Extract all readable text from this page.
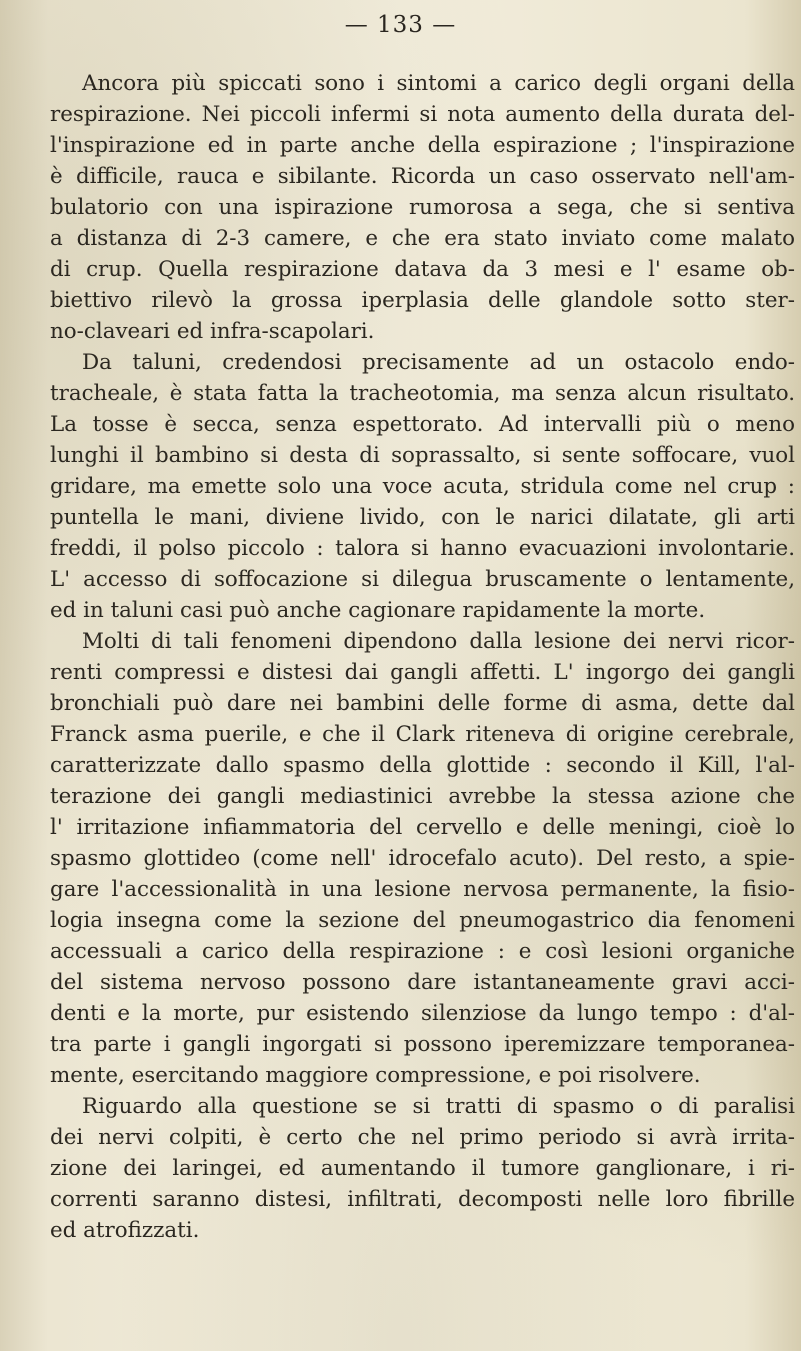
— 133 —
Ancora più spiccati sono i sintomi a carico degli organi della
respirazione. Nei piccoli infermi si nota aumento della durata del-
l'inspirazione ed in parte anche della espirazione ; l'inspirazione
è difficile, rauca e sibilante. Ricorda un caso osservato nell'am-
bulatorio con una ispirazione rumorosa a sega, che si sentiva
a distanza di 2-3 camere, e che era stato inviato come malato
di crup. Quella respirazione datava da 3 mesi e l' esame ob-
biettivo rilevò la grossa iperplasia delle glandole sotto ster-
no-claveari ed infra-scapolari.
Da taluni, credendosi precisamente ad un ostacolo endo-
tracheale, è stata fatta la tracheotomia, ma senza alcun risultato.
La tosse è secca, senza espettorato. Ad intervalli più o meno
lunghi il bambino si desta di soprassalto, si sente soffocare, vuol
gridare, ma emette solo una voce acuta, stridula come nel crup :
puntella le mani, diviene livido, con le narici dilatate, gli arti
freddi, il polso piccolo : talora si hanno evacuazioni involontarie.
L' accesso di soffocazione si dilegua bruscamente o lentamente,
ed in taluni casi può anche cagionare rapidamente la morte.
Molti di tali fenomeni dipendono dalla lesione dei nervi ricor-
renti compressi e distesi dai gangli affetti. L' ingorgo dei gangli
bronchiali può dare nei bambini delle forme di asma, dette dal
Franck asma puerile, e che il Clark riteneva di origine cerebrale,
caratterizzate dallo spasmo della glottide : secondo il Kill, l'al-
terazione dei gangli mediastinici avrebbe la stessa azione che
l' irritazione infiammatoria del cervello e delle meningi, cioè lo
spasmo glottideo (come nell' idrocefalo acuto). Del resto, a spie-
gare l'accessionalità in una lesione nervosa permanente, la fisio-
logia insegna come la sezione del pneumogastrico dia fenomeni
accessuali a carico della respirazione : e così lesioni organiche
del sistema nervoso possono dare istantaneamente gravi acci-
denti e la morte, pur esistendo silenziose da lungo tempo : d'al-
tra parte i gangli ingorgati si possono iperemizzare temporanea-
mente, esercitando maggiore compressione, e poi risolvere.
Riguardo alla questione se si tratti di spasmo o di paralisi
dei nervi colpiti, è certo che nel primo periodo si avrà irrita-
zione dei laringei, ed aumentando il tumore ganglionare, i ri-
correnti saranno distesi, infiltrati, decomposti nelle loro fibrille
ed atrofizzati.
